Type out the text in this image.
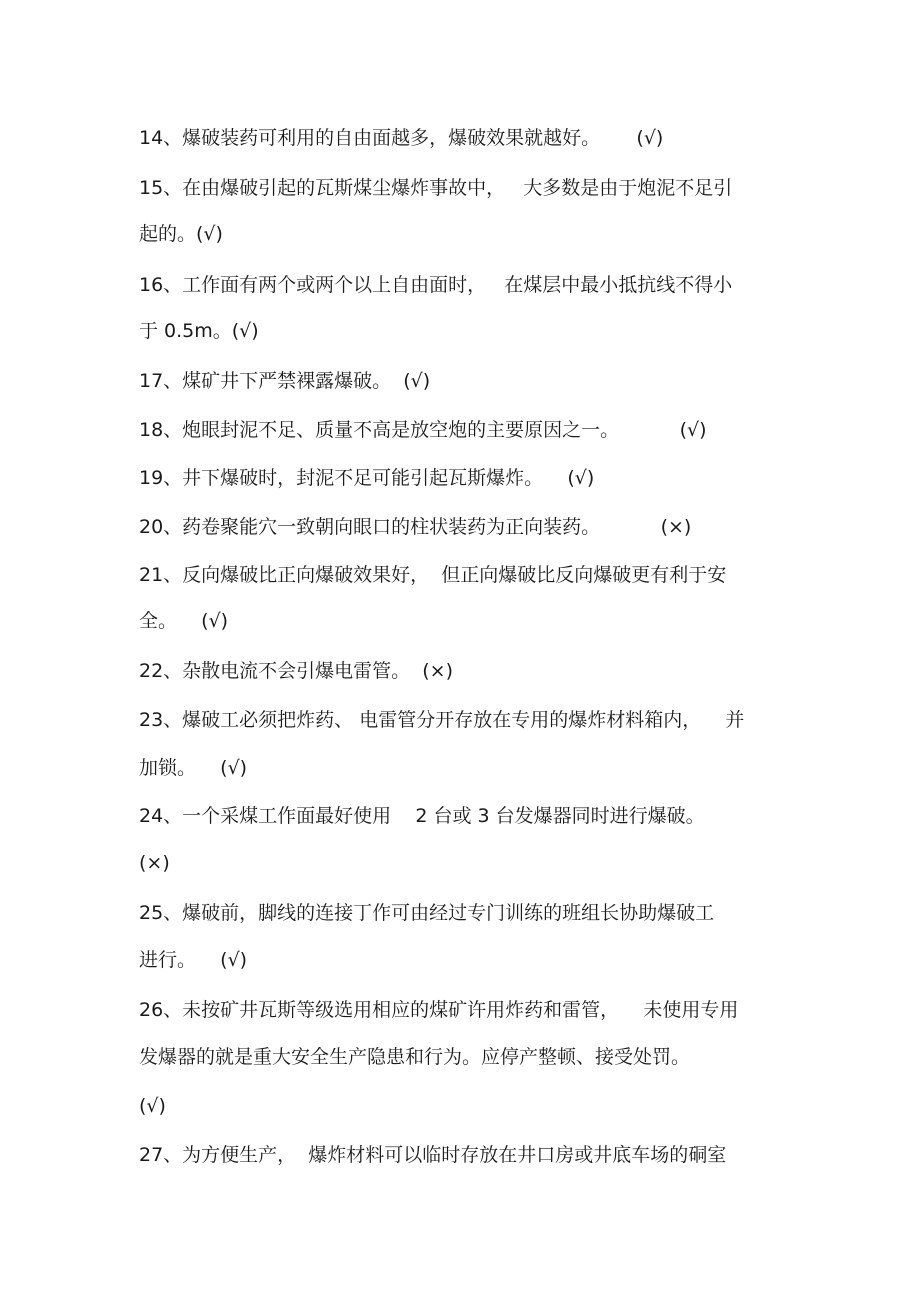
14、爆破装药可利用的自由面越多，爆破效果就越好。      (√)
15、在由爆破引起的瓦斯煤尘爆炸事故中，   大多数是由于炮泥不足引
起的。(√)
16、工作面有两个或两个以上自由面时，   在煤层中最小抵抗线不得小
于 0.5m。(√)
17、煤矿井下严禁裸露爆破。  (√)
18、炮眼封泥不足、质量不高是放空炮的主要原因之一。          (√)
19、井下爆破时，封泥不足可能引起瓦斯爆炸。    (√)
20、药卷聚能穴一致朝向眼口的柱状装药为正向装药。          (×)
21、反向爆破比正向爆破效果好，  但正向爆破比反向爆破更有利于安
全。    (√)
22、杂散电流不会引爆电雷管。  (×)
23、爆破工必须把炸药、 电雷管分开存放在专用的爆炸材料箱内，    并
加锁。    (√)
24、一个采煤工作面最好使用    2 台或 3 台发爆器同时进行爆破。
(×)
25、爆破前，脚线的连接丁作可由经过专门训练的班组长协助爆破工
进行。    (√)
26、未按矿井瓦斯等级选用相应的煤矿许用炸药和雷管，    未使用专用
发爆器的就是重大安全生产隐患和行为。应停产整顿、接受处罚。
(√)
27、为方便生产，  爆炸材料可以临时存放在井口房或井底车场的硐室
